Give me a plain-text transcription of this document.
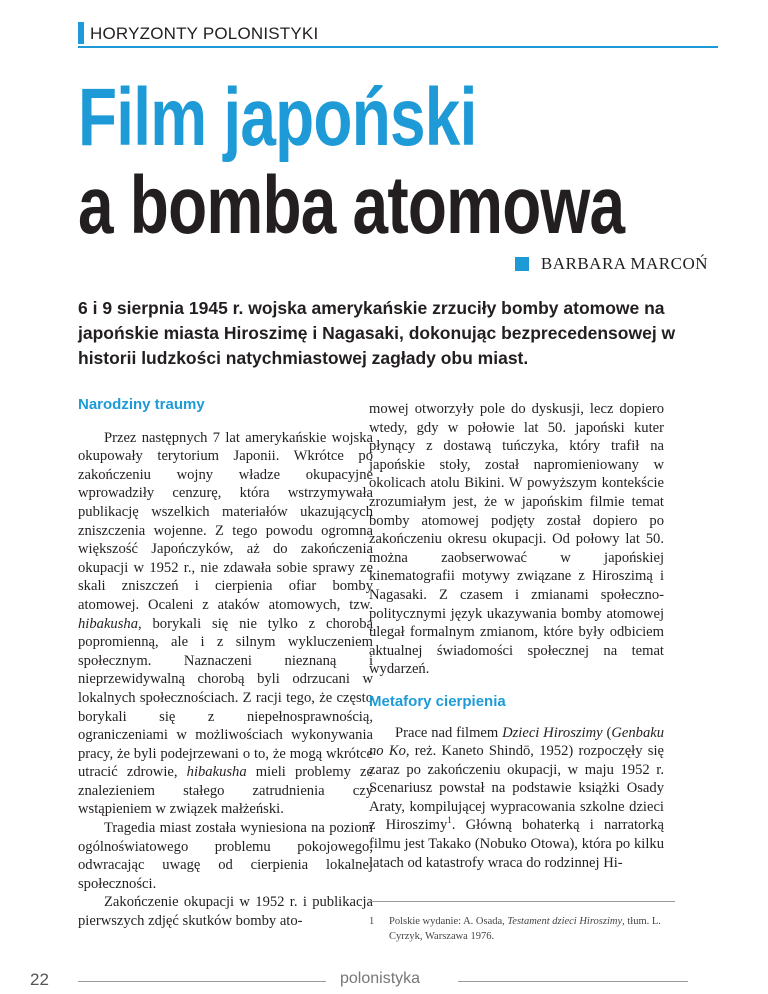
HORYZONTY POLONISTYKI
Film japoński
a bomba atomowa
BARBARA MARCOŃ

6 i 9 sierpnia 1945 r. wojska amerykańskie zrzuciły bomby atomowe na japońskie miasta Hiroszimę i Nagasaki, dokonując bezprecedensowej w historii ludzkości natychmiastowej zagłady obu miast.

Narodziny traumy

Przez następnych 7 lat amerykańskie wojska okupowały terytorium Japonii. Wkrótce po zakończeniu wojny władze okupacyjne wprowadziły cenzurę, która wstrzymywała publikację wszelkich materiałów ukazujących zniszczenia wojenne. Z tego powodu ogromna większość Japończyków, aż do zakończenia okupacji w 1952 r., nie zdawała sobie sprawy ze skali zniszczeń i cierpienia ofiar bomby atomowej. Ocaleni z ataków atomowych, tzw. hibakusha, borykali się nie tylko z chorobą popromienną, ale i z silnym wykluczeniem społecznym. Naznaczeni nieznaną i nieprzewidywalną chorobą byli odrzucani w lokalnych społecznościach. Z racji tego, że często borykali się z niepełnosprawnością, ograniczeniami w możliwościach wykonywania pracy, że byli podejrzewani o to, że mogą wkrótce utracić zdrowie, hibakusha mieli problemy ze znalezieniem stałego zatrudnienia czy wstąpieniem w związek małżeński.

Tragedia miast została wyniesiona na poziom ogólnoświatowego problemu pokojowego, odwracając uwagę od cierpienia lokalnej społeczności.

Zakończenie okupacji w 1952 r. i publikacja pierwszych zdjęć skutków bomby ato-

mowej otworzyły pole do dyskusji, lecz dopiero wtedy, gdy w połowie lat 50. japoński kuter płynący z dostawą tuńczyka, który trafił na japońskie stoły, został napromieniowany w okolicach atolu Bikini. W powyższym kontekście zrozumiałym jest, że w japońskim filmie temat bomby atomowej podjęty został dopiero po zakończeniu okresu okupacji. Od połowy lat 50. można zaobserwować w japońskiej kinematografii motywy związane z Hiroszimą i Nagasaki. Z czasem i zmianami społeczno-politycznymi język ukazywania bomby atomowej ulegał formalnym zmianom, które były odbiciem aktualnej świadomości społecznej na temat wydarzeń.

Metafory cierpienia

Prace nad filmem Dzieci Hiroszimy (Genbaku no Ko, reż. Kaneto Shindō, 1952) rozpoczęły się zaraz po zakończeniu okupacji, w maju 1952 r. Scenariusz powstał na podstawie książki Osady Araty, kompilującej wypracowania szkolne dzieci z Hiroszimy$^1$. Główną bohaterką i narratorką filmu jest Takako (Nobuko Otowa), która po kilku latach od katastrofy wraca do rodzinnej Hi-

1 Polskie wydanie: A. Osada, Testament dzieci Hiroszimy, tłum. L. Cyrzyk, Warszawa 1976.
22	polonistyka
